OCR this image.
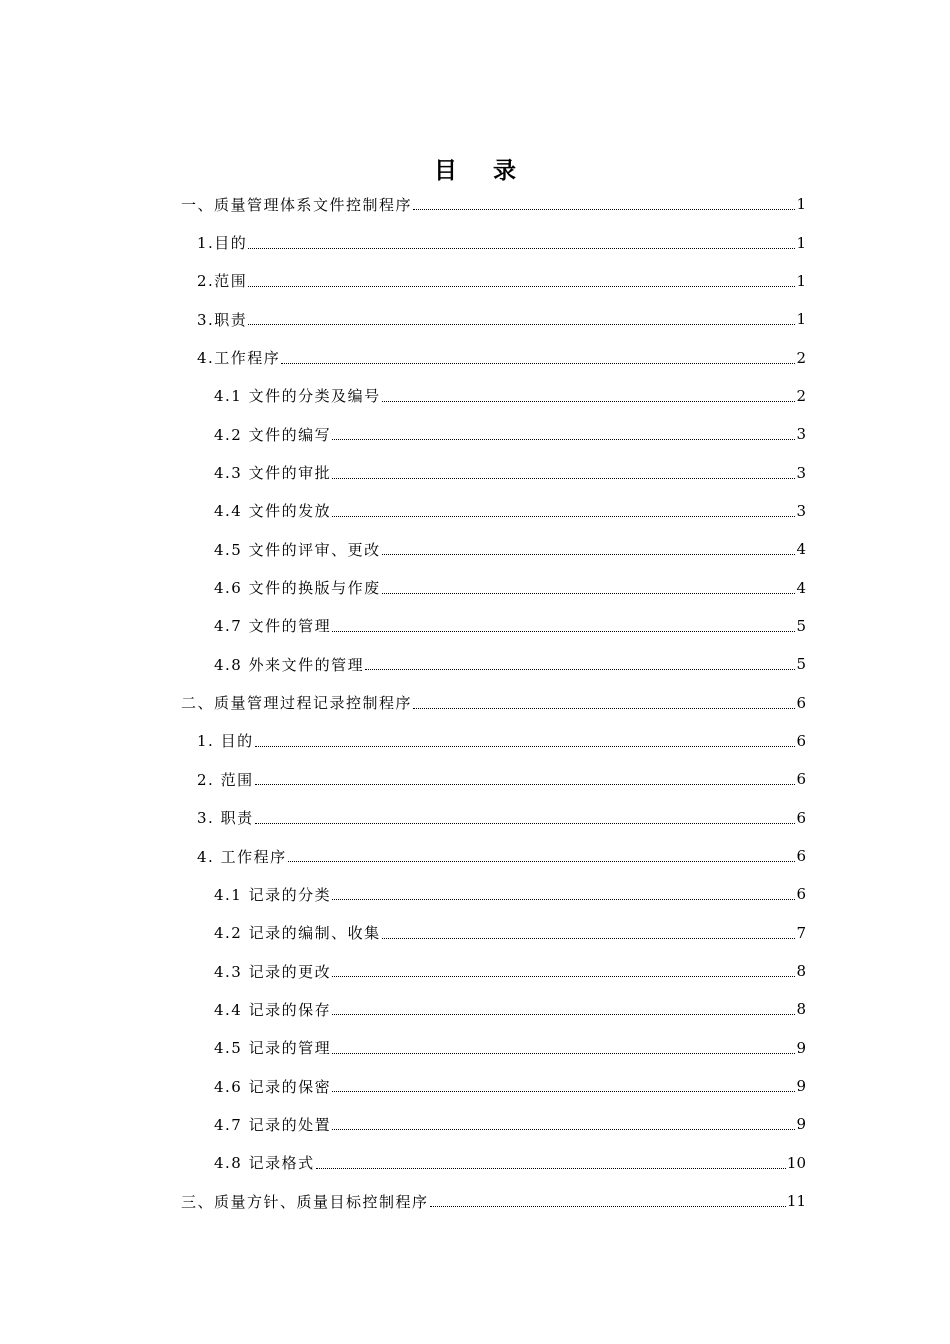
目 录
一、质量管理体系文件控制程序	1
1.目的	1
2.范围	1
3.职责	1
4.工作程序	2
4.1 文件的分类及编号	2
4.2 文件的编写	3
4.3 文件的审批	3
4.4 文件的发放	3
4.5 文件的评审、更改	4
4.6 文件的换版与作废	4
4.7 文件的管理	5
4.8 外来文件的管理	5
二、质量管理过程记录控制程序	6
1. 目的	6
2. 范围	6
3. 职责	6
4. 工作程序	6
4.1 记录的分类	6
4.2 记录的编制、收集	7
4.3 记录的更改	8
4.4 记录的保存	8
4.5 记录的管理	9
4.6 记录的保密	9
4.7 记录的处置	9
4.8 记录格式	10
三、质量方针、质量目标控制程序	11
